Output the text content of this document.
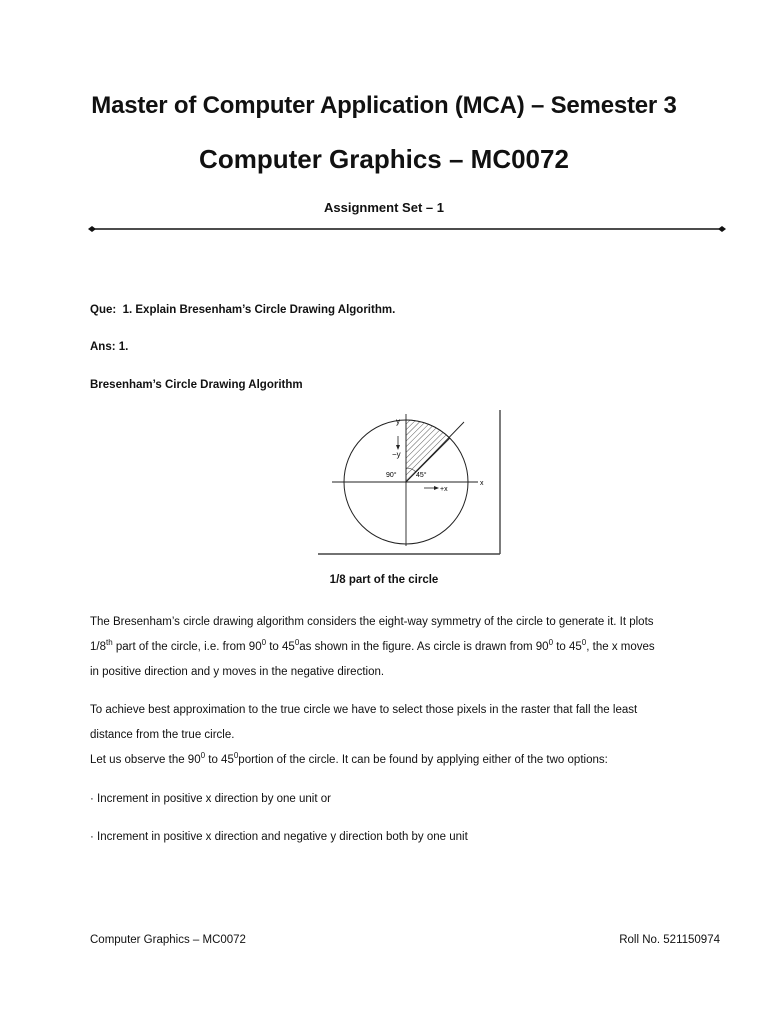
Master of Computer Application (MCA) – Semester 3
Computer Graphics – MC0072
Assignment Set – 1
Que: 1. Explain Bresenham’s Circle Drawing Algorithm.
Ans: 1.
Bresenham’s Circle Drawing Algorithm
y
−y
90°	45°
+x
x
1/8 part of the circle
The Bresenham’s circle drawing algorithm considers the eight-way symmetry of the circle to generate it. It plots
1/8th part of the circle, i.e. from $90^0$ to $45^0as$ shown in the figure. As circle is drawn from $90^0$ to $45^0$, the x moves
in positive direction and y moves in the negative direction.
To achieve best approximation to the true circle we have to select those pixels in the raster that fall the least
distance from the true circle.
Let us observe the $90^0$ to $45^0portion$ of the circle. It can be found by applying either of the two options:
· Increment in positive x direction by one unit or
· Increment in positive x direction and negative y direction both by one unit
Computer Graphics – MC0072	Roll No. 521150974
